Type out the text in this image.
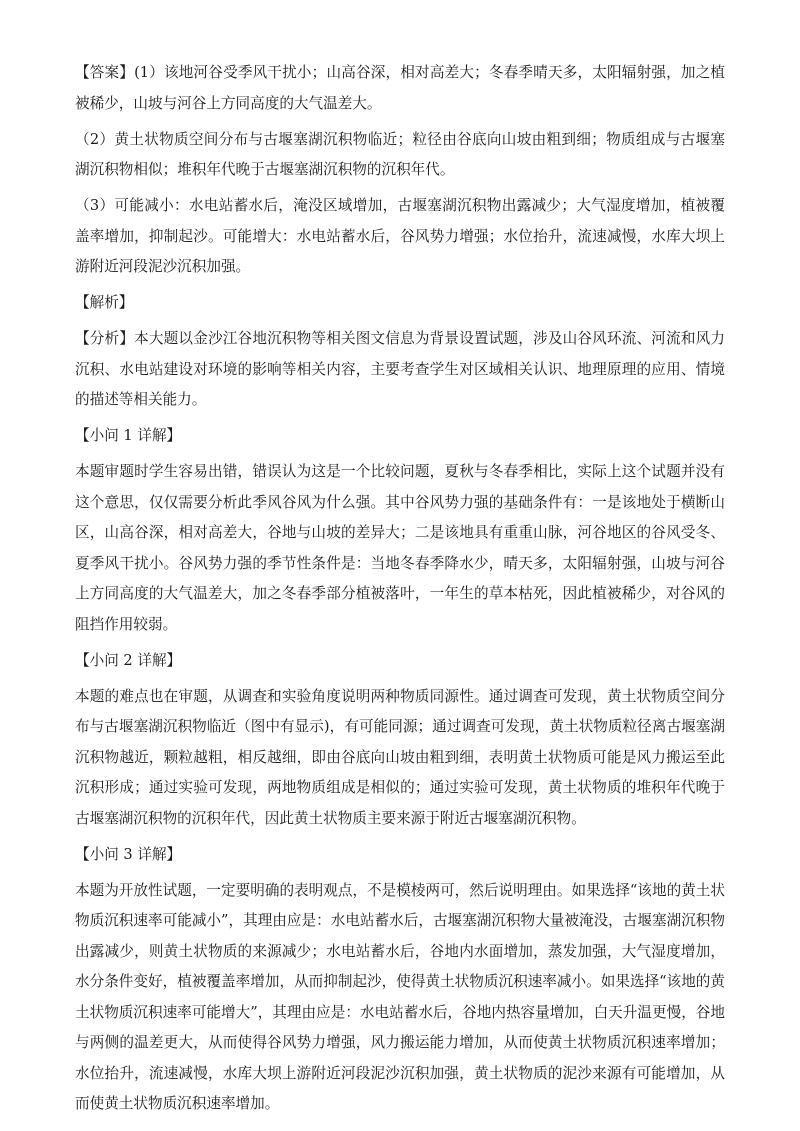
【答案】(1）该地河谷受季风干扰小；山高谷深，相对高差大；冬春季晴天多，太阳辐射强，加之植被稀少，山坡与河谷上方同高度的大气温差大。

（2）黄土状物质空间分布与古堰塞湖沉积物临近；粒径由谷底向山坡由粗到细；物质组成与古堰塞湖沉积物相似；堆积年代晚于古堰塞湖沉积物的沉积年代。

（3）可能减小：水电站蓄水后，淹没区域增加，古堰塞湖沉积物出露减少；大气湿度增加，植被覆盖率增加，抑制起沙。可能增大：水电站蓄水后，谷风势力增强；水位抬升，流速减慢，水库大坝上游附近河段泥沙沉积加强。

【解析】

【分析】本大题以金沙江谷地沉积物等相关图文信息为背景设置试题，涉及山谷风环流、河流和风力沉积、水电站建设对环境的影响等相关内容，主要考查学生对区域相关认识、地理原理的应用、情境的描述等相关能力。

【小问 1 详解】

本题审题时学生容易出错，错误认为这是一个比较问题，夏秋与冬春季相比，实际上这个试题并没有这个意思，仅仅需要分析此季风谷风为什么强。其中谷风势力强的基础条件有：一是该地处于横断山区，山高谷深，相对高差大，谷地与山坡的差异大；二是该地具有重重山脉，河谷地区的谷风受冬、夏季风干扰小。谷风势力强的季节性条件是：当地冬春季降水少，晴天多，太阳辐射强，山坡与河谷上方同高度的大气温差大，加之冬春季部分植被落叶，一年生的草本枯死，因此植被稀少，对谷风的阻挡作用较弱。

【小问 2 详解】

本题的难点也在审题，从调查和实验角度说明两种物质同源性。通过调查可发现，黄土状物质空间分布与古堰塞湖沉积物临近（图中有显示)，有可能同源；通过调查可发现，黄土状物质粒径离古堰塞湖沉积物越近，颗粒越粗，相反越细，即由谷底向山坡由粗到细，表明黄土状物质可能是风力搬运至此沉积形成；通过实验可发现，两地物质组成是相似的；通过实验可发现，黄土状物质的堆积年代晚于古堰塞湖沉积物的沉积年代，因此黄土状物质主要来源于附近古堰塞湖沉积物。

【小问 3 详解】

本题为开放性试题，一定要明确的表明观点，不是模棱两可，然后说明理由。如果选择“该地的黄土状物质沉积速率可能减小”，其理由应是：水电站蓄水后，古堰塞湖沉积物大量被淹没，古堰塞湖沉积物出露减少，则黄土状物质的来源减少；水电站蓄水后，谷地内水面增加，蒸发加强，大气湿度增加，水分条件变好，植被覆盖率增加，从而抑制起沙，使得黄土状物质沉积速率减小。如果选择“该地的黄土状物质沉积速率可能增大”，其理由应是：水电站蓄水后，谷地内热容量增加，白天升温更慢，谷地与两侧的温差更大，从而使得谷风势力增强，风力搬运能力增加，从而使黄土状物质沉积速率增加；水位抬升，流速减慢，水库大坝上游附近河段泥沙沉积加强，黄土状物质的泥沙来源有可能增加，从而使黄土状物质沉积速率增加。
